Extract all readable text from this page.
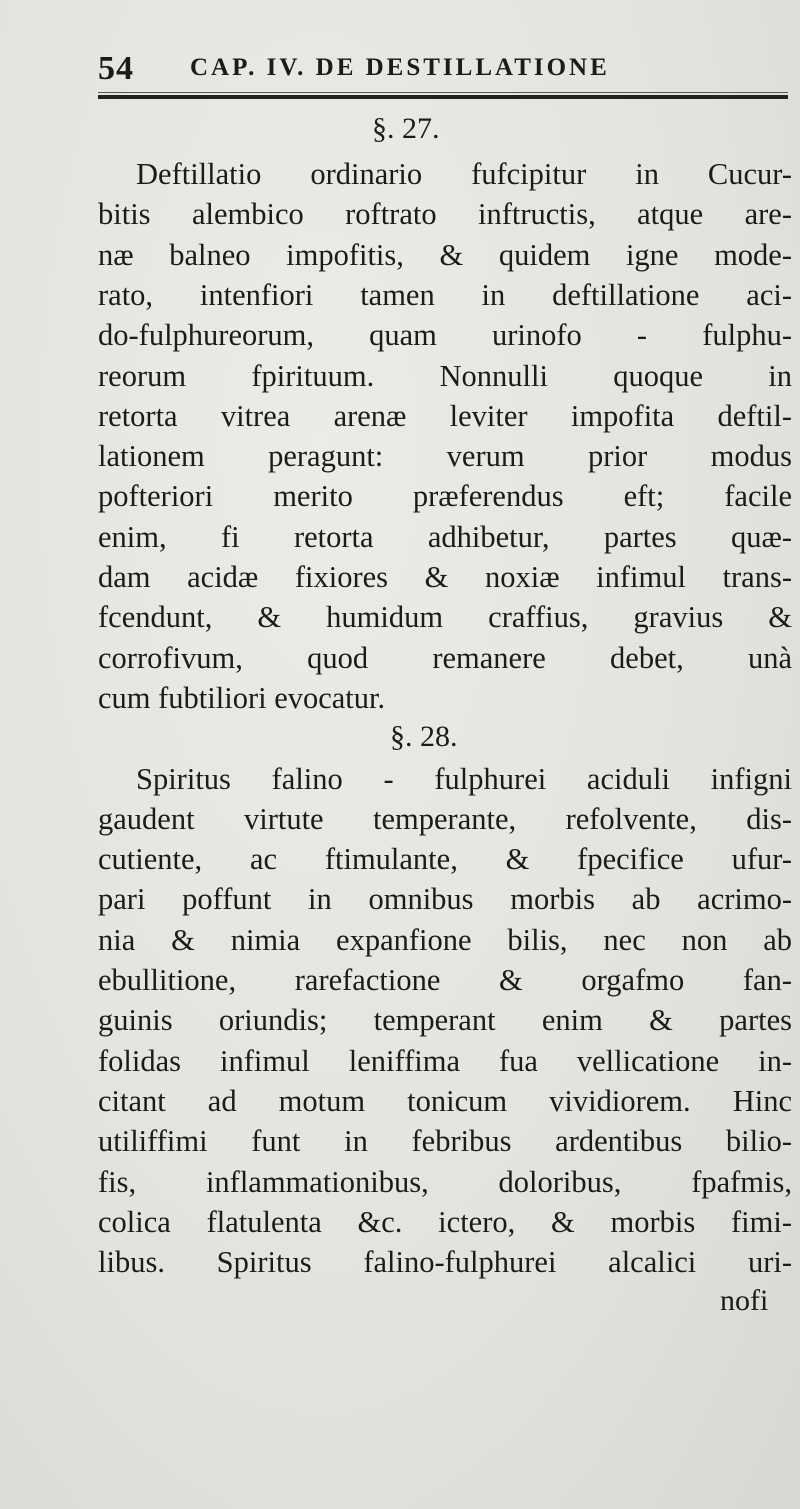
54 CAP. IV. DE DESTILLATIONE
§. 27.
Deftillatio ordinario fufcipitur in Cucur-
bitis alembico roftrato inftructis, atque are-
næ balneo impofitis, & quidem igne mode-
rato, intenfiori tamen in deftillatione aci-
do-fulphureorum, quam urinofo - fulphu-
reorum fpirituum. Nonnulli quoque in
retorta vitrea arenæ leviter impofita deftil-
lationem peragunt: verum prior modus
pofteriori merito præferendus eft; facile
enim, fi retorta adhibetur, partes quæ-
dam acidæ fixiores & noxiæ infimul trans-
fcendunt, & humidum craffius, gravius &
corrofivum, quod remanere debet, unà
cum fubtiliori evocatur.
§. 28.
Spiritus falino - fulphurei aciduli infigni
gaudent virtute temperante, refolvente, dis-
cutiente, ac ftimulante, & fpecifice ufur-
pari poffunt in omnibus morbis ab acrimo-
nia & nimia expanfione bilis, nec non ab
ebullitione, rarefactione & orgafmo fan-
guinis oriundis; temperant enim & partes
folidas infimul leniffima fua vellicatione in-
citant ad motum tonicum vividiorem. Hinc
utiliffimi funt in febribus ardentibus bilio-
fis, inflammationibus, doloribus, fpafmis,
colica flatulenta &c. ictero, & morbis fimi-
libus. Spiritus falino-fulphurei alcalici uri-
nofi
